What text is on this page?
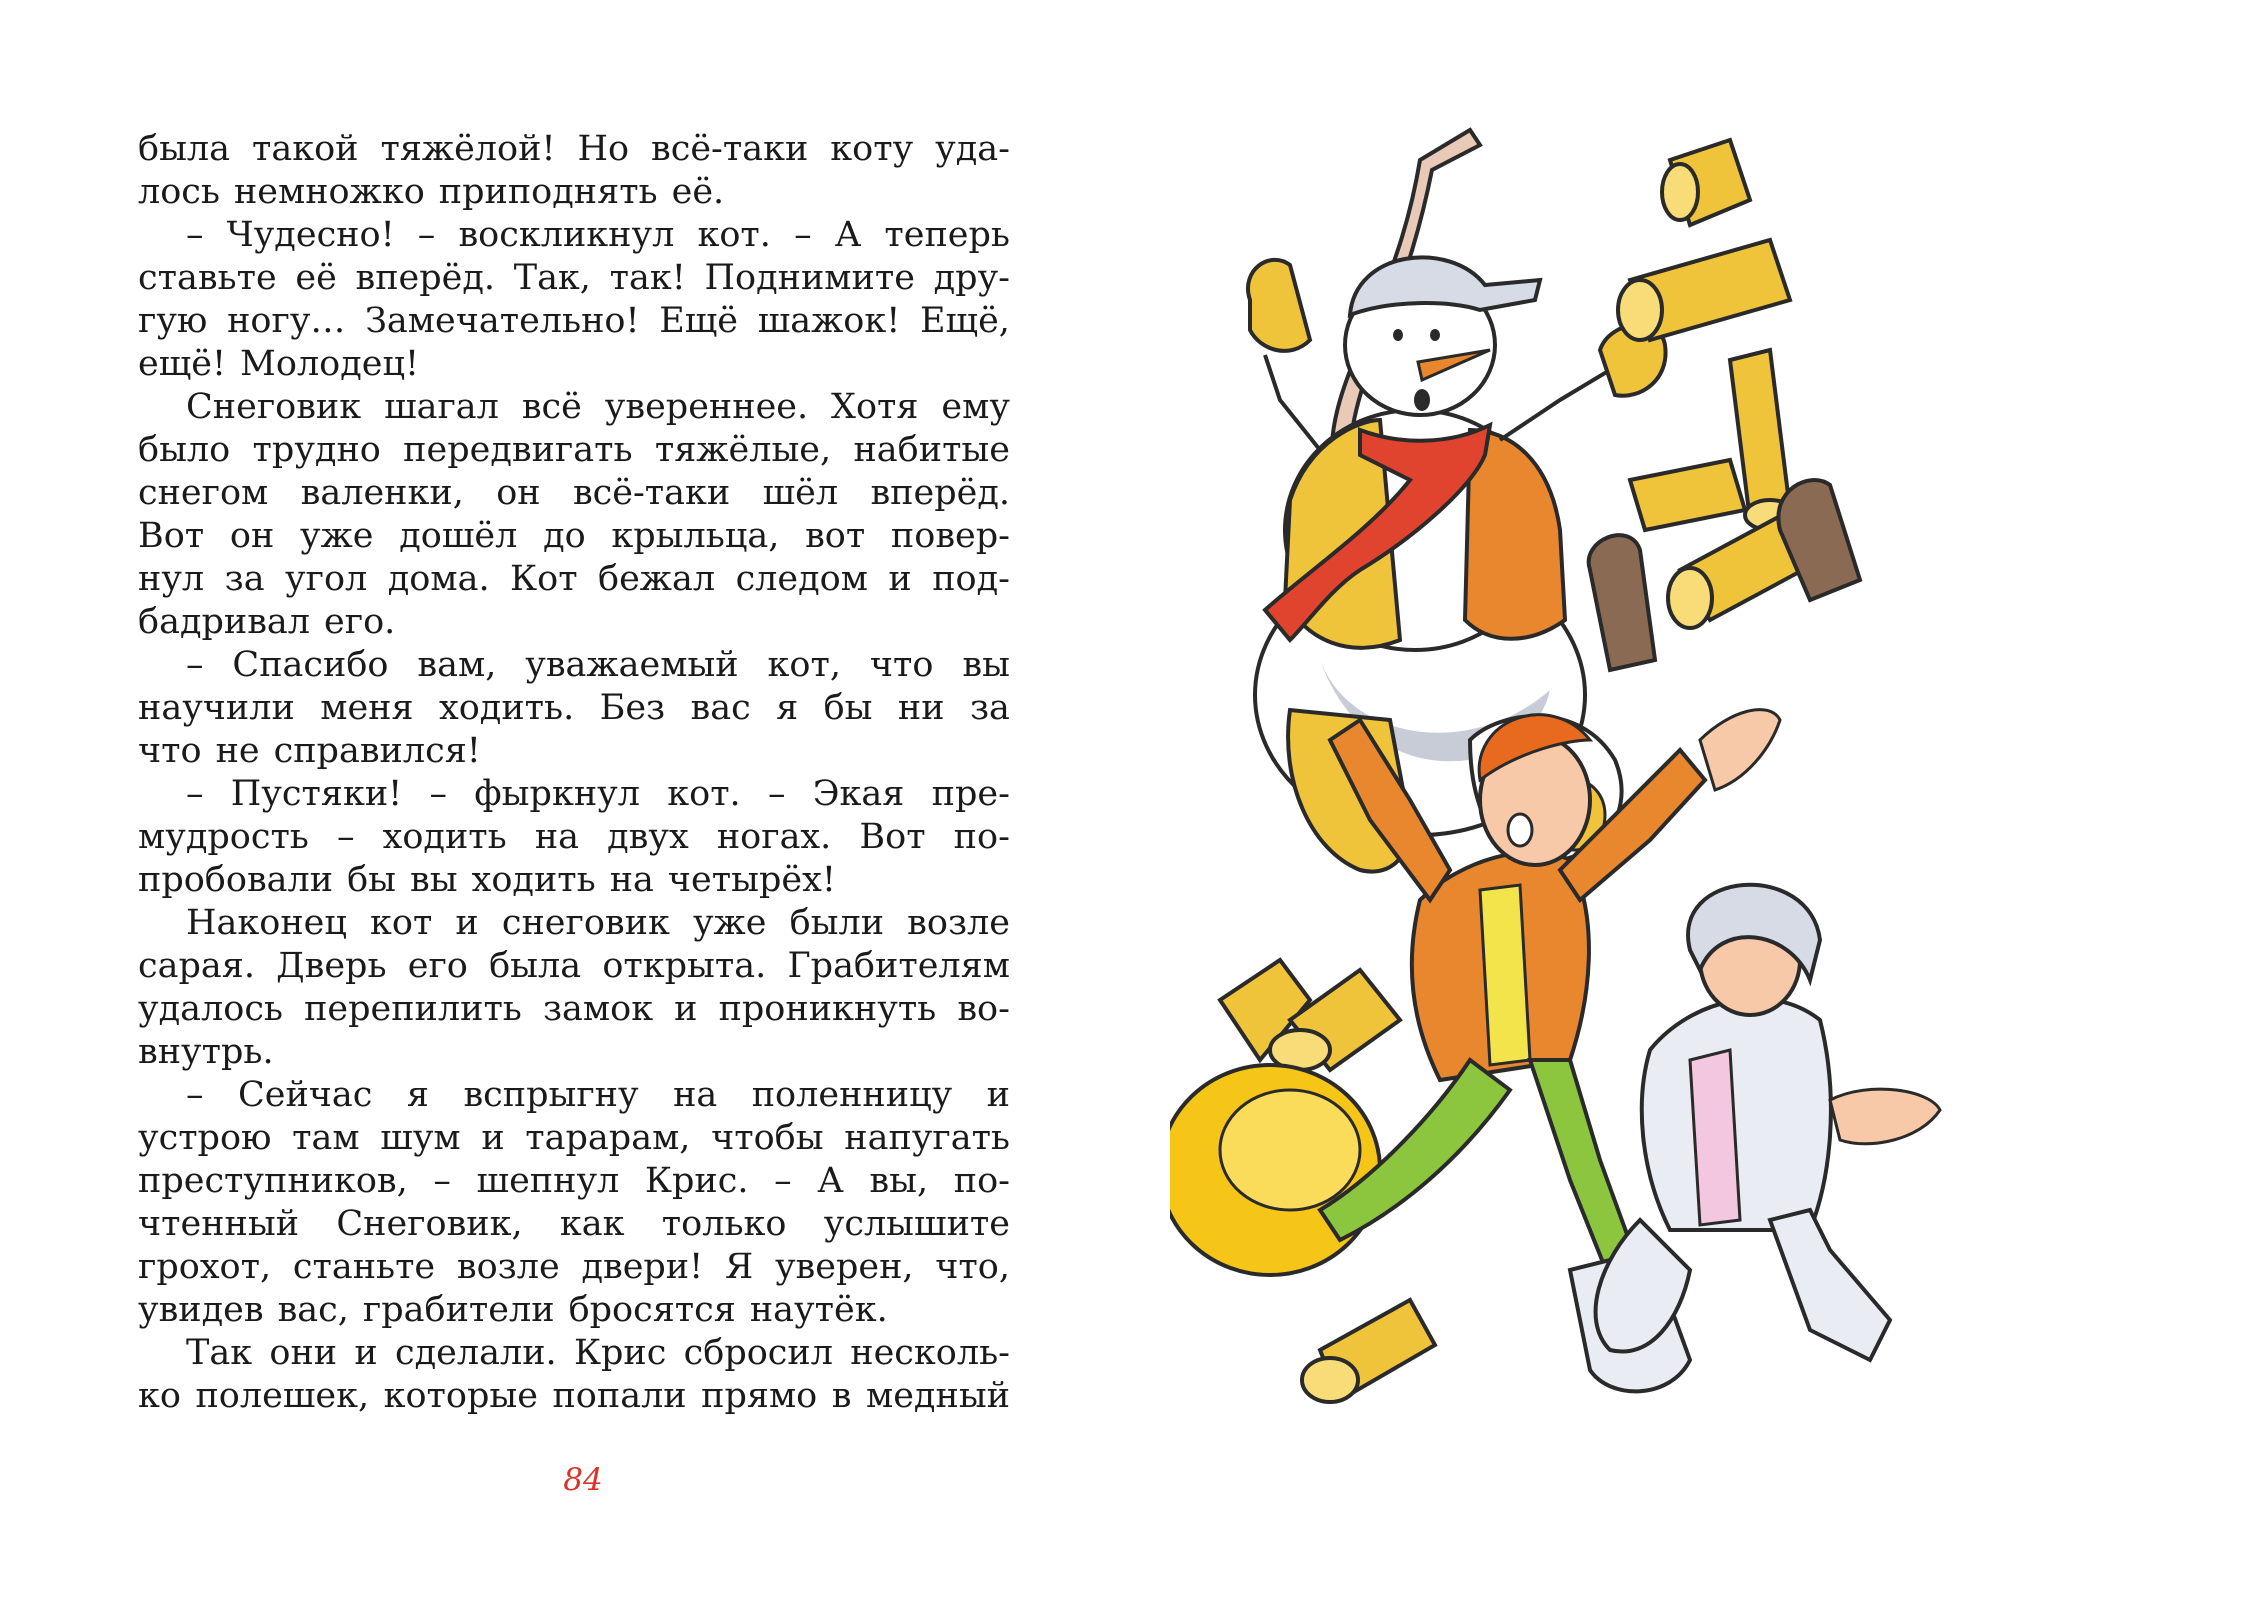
была такой тяжёлой! Но всё-таки коту уда-
лось немножко приподнять её.
– Чудесно! – воскликнул кот. – А теперь
ставьте её вперёд. Так, так! Поднимите дру-
гую ногу… Замечательно! Ещё шажок! Ещё,
ещё! Молодец!
Снеговик шагал всё увереннее. Хотя ему
было трудно передвигать тяжёлые, набитые
снегом валенки, он всё-таки шёл вперёд.
Вот он уже дошёл до крыльца, вот повер-
нул за угол дома. Кот бежал следом и под-
бадривал его.
– Спасибо вам, уважаемый кот, что вы
научили меня ходить. Без вас я бы ни за
что не справился!
– Пустяки! – фыркнул кот. – Экая пре-
мудрость – ходить на двух ногах. Вот по-
пробовали бы вы ходить на четырёх!
Наконец кот и снеговик уже были возле
сарая. Дверь его была открыта. Грабителям
удалось перепилить замок и проникнуть во-
внутрь.
– Сейчас я вспрыгну на поленницу и
устрою там шум и тарарам, чтобы напугать
преступников, – шепнул Крис. – А вы, по-
чтенный Снеговик, как только услышите
грохот, станьте возле двери! Я уверен, что,
увидев вас, грабители бросятся наутёк.
Так они и сделали. Крис сбросил несколь-
ко полешек, которые попали прямо в медный
84
